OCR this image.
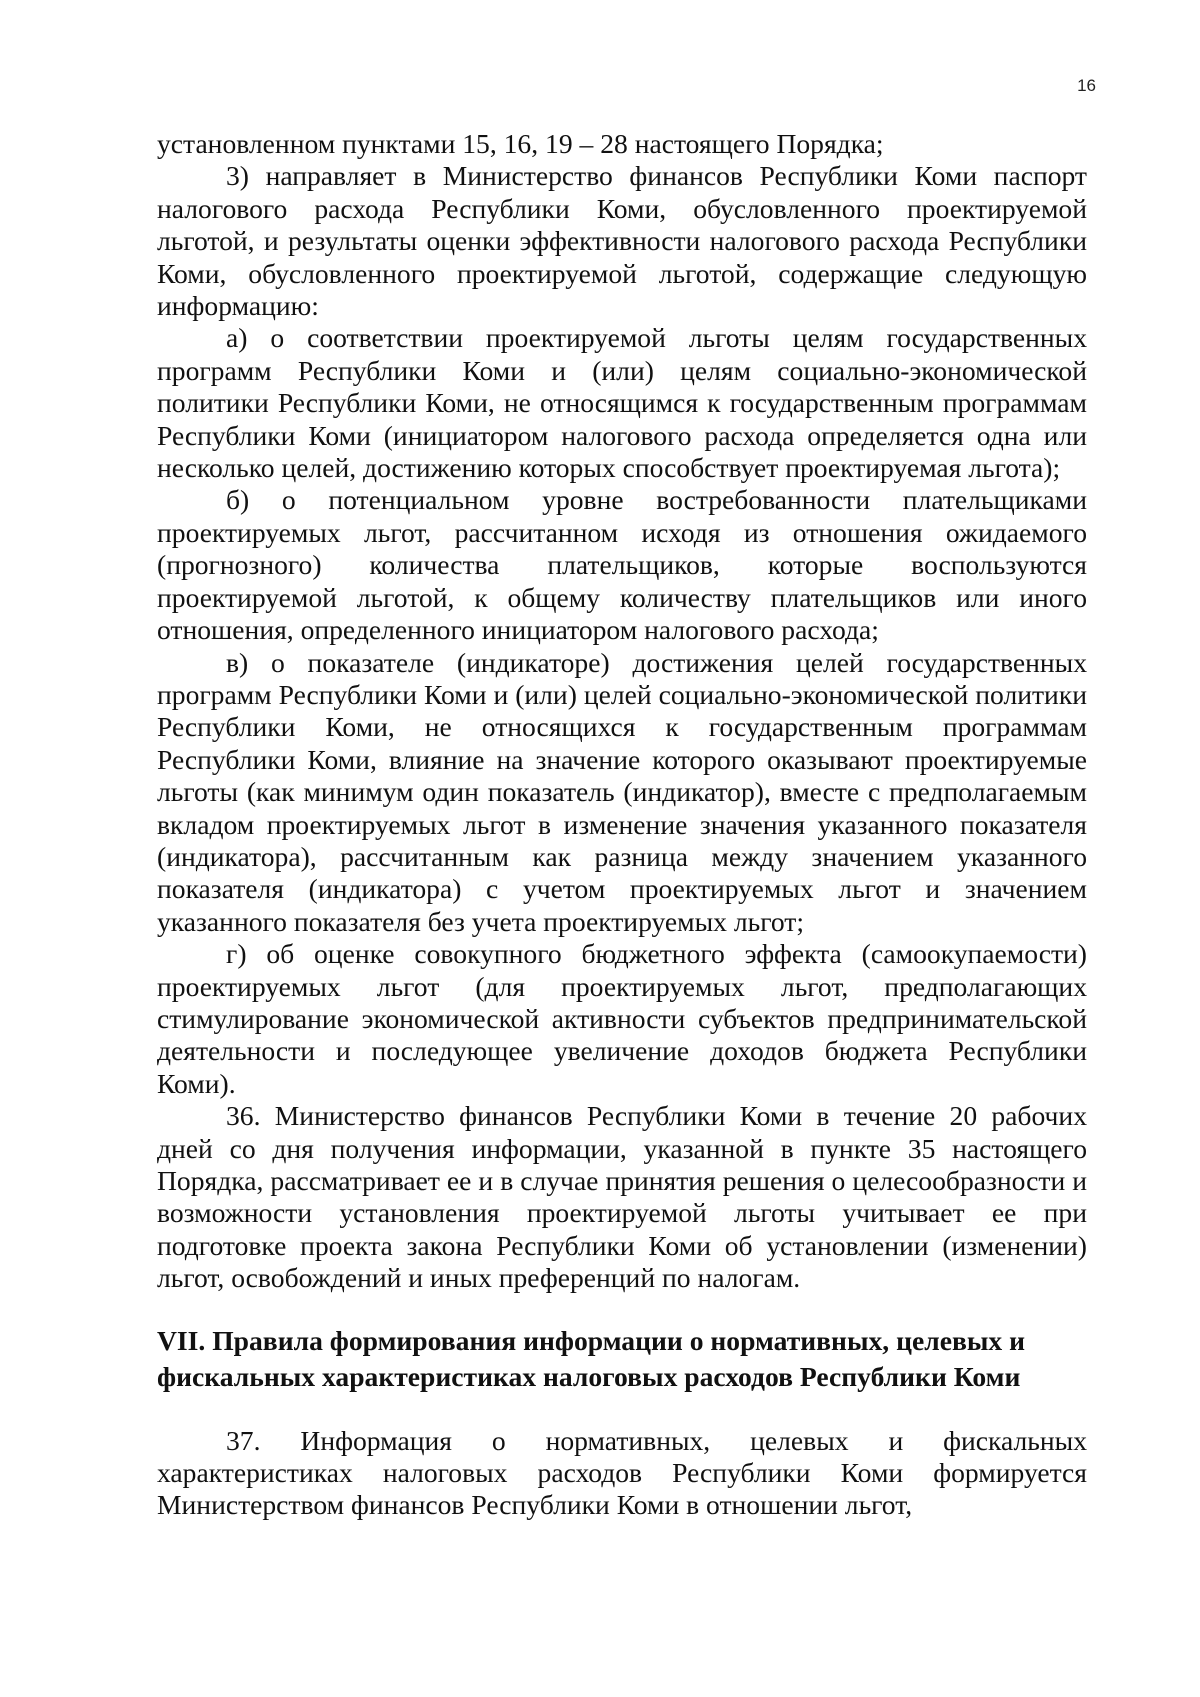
16

установленном пунктами 15, 16, 19 – 28 настоящего Порядка;

3) направляет в Министерство финансов Республики Коми паспорт налогового расхода Республики Коми, обусловленного проектируемой льготой, и результаты оценки эффективности налогового расхода Республики Коми, обусловленного проектируемой льготой, содержащие следующую информацию:

а) о соответствии проектируемой льготы целям государственных программ Республики Коми и (или) целям социально-экономической политики Республики Коми, не относящимся к государственным программам Республики Коми (инициатором налогового расхода определяется одна или несколько целей, достижению которых способствует проектируемая льгота);

б) о потенциальном уровне востребованности плательщиками проектируемых льгот, рассчитанном исходя из отношения ожидаемого (прогнозного) количества плательщиков, которые воспользуются проектируемой льготой, к общему количеству плательщиков или иного отношения, определенного инициатором налогового расхода;

в) о показателе (индикаторе) достижения целей государственных программ Республики Коми и (или) целей социально-экономической политики Республики Коми, не относящихся к государственным программам Республики Коми, влияние на значение которого оказывают проектируемые льготы (как минимум один показатель (индикатор), вместе с предполагаемым вкладом проектируемых льгот в изменение значения указанного показателя (индикатора), рассчитанным как разница между значением указанного показателя (индикатора) с учетом проектируемых льгот и значением указанного показателя без учета проектируемых льгот;

г) об оценке совокупного бюджетного эффекта (самоокупаемости) проектируемых льгот (для проектируемых льгот, предполагающих стимулирование экономической активности субъектов предпринимательской деятельности и последующее увеличение доходов бюджета Республики Коми).

36. Министерство финансов Республики Коми в течение 20 рабочих дней со дня получения информации, указанной в пункте 35 настоящего Порядка, рассматривает ее и в случае принятия решения о целесообразности и возможности установления проектируемой льготы учитывает ее при подготовке проекта закона Республики Коми об установлении (изменении) льгот, освобождений и иных преференций по налогам.

VII. Правила формирования информации о нормативных, целевых и
фискальных характеристиках налоговых расходов Республики Коми

37. Информация о нормативных, целевых и фискальных характеристиках налоговых расходов Республики Коми формируется Министерством финансов Республики Коми в отношении льгот,
